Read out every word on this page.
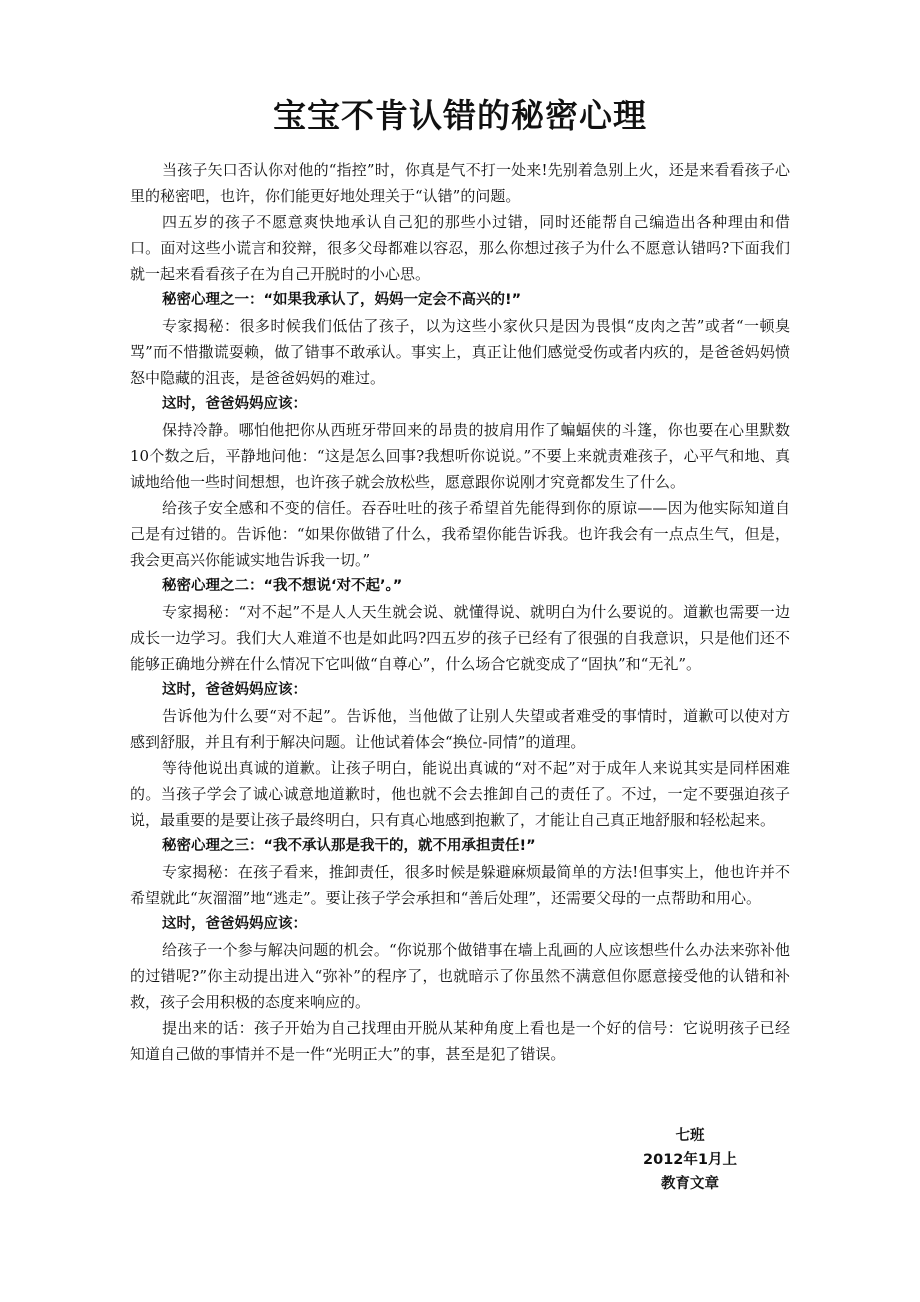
宝宝不肯认错的秘密心理

当孩子矢口否认你对他的“指控”时，你真是气不打一处来!先别着急别上火，还是来看看孩子心里的秘密吧，也许，你们能更好地处理关于“认错”的问题。

四五岁的孩子不愿意爽快地承认自己犯的那些小过错，同时还能帮自己编造出各种理由和借口。面对这些小谎言和狡辩，很多父母都难以容忍，那么你想过孩子为什么不愿意认错吗?下面我们就一起来看看孩子在为自己开脱时的小心思。

秘密心理之一：“如果我承认了，妈妈一定会不高兴的!”

专家揭秘：很多时候我们低估了孩子，以为这些小家伙只是因为畏惧“皮肉之苦”或者“一顿臭骂”而不惜撒谎耍赖，做了错事不敢承认。事实上，真正让他们感觉受伤或者内疚的，是爸爸妈妈愤怒中隐藏的沮丧，是爸爸妈妈的难过。

这时，爸爸妈妈应该：

保持冷静。哪怕他把你从西班牙带回来的昂贵的披肩用作了蝙蝠侠的斗篷，你也要在心里默数10个数之后，平静地问他：“这是怎么回事?我想听你说说。”不要上来就责难孩子，心平气和地、真诚地给他一些时间想想，也许孩子就会放松些，愿意跟你说刚才究竟都发生了什么。

给孩子安全感和不变的信任。吞吞吐吐的孩子希望首先能得到你的原谅——因为他实际知道自己是有过错的。告诉他：“如果你做错了什么，我希望你能告诉我。也许我会有一点点生气，但是，我会更高兴你能诚实地告诉我一切。”

秘密心理之二：“我不想说‘对不起’。”

专家揭秘：“对不起”不是人人天生就会说、就懂得说、就明白为什么要说的。道歉也需要一边成长一边学习。我们大人难道不也是如此吗?四五岁的孩子已经有了很强的自我意识，只是他们还不能够正确地分辨在什么情况下它叫做“自尊心”，什么场合它就变成了“固执”和“无礼”。

这时，爸爸妈妈应该：

告诉他为什么要“对不起”。告诉他，当他做了让别人失望或者难受的事情时，道歉可以使对方感到舒服，并且有利于解决问题。让他试着体会“换位-同情”的道理。

等待他说出真诚的道歉。让孩子明白，能说出真诚的“对不起”对于成年人来说其实是同样困难的。当孩子学会了诚心诚意地道歉时，他也就不会去推卸自己的责任了。不过，一定不要强迫孩子说，最重要的是要让孩子最终明白，只有真心地感到抱歉了，才能让自己真正地舒服和轻松起来。

秘密心理之三：“我不承认那是我干的，就不用承担责任!”

专家揭秘：在孩子看来，推卸责任，很多时候是躲避麻烦最简单的方法!但事实上，他也许并不希望就此“灰溜溜”地“逃走”。要让孩子学会承担和“善后处理”，还需要父母的一点帮助和用心。

这时，爸爸妈妈应该：

给孩子一个参与解决问题的机会。“你说那个做错事在墙上乱画的人应该想些什么办法来弥补他的过错呢?”你主动提出进入“弥补”的程序了，也就暗示了你虽然不满意但你愿意接受他的认错和补救，孩子会用积极的态度来响应的。

提出来的话：孩子开始为自己找理由开脱从某种角度上看也是一个好的信号：它说明孩子已经知道自己做的事情并不是一件“光明正大”的事，甚至是犯了错误。

七班
2012年1月上
教育文章
